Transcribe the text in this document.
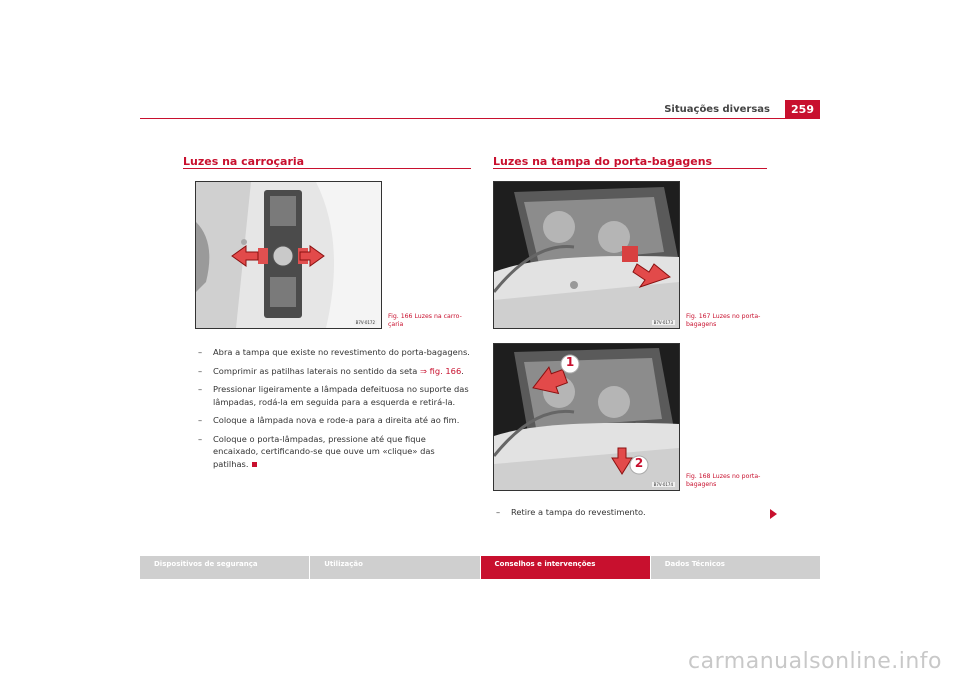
Situações diversas	259
Luzes na carroçaria
B7V-0172
Fig. 166 Luzes na carro-
çaria
– Abra a tampa que existe no revestimento do porta-bagagens.
– Comprimir as patilhas laterais no sentido da seta ⇒ fig. 166.
– Pressionar ligeiramente a lâmpada defeituosa no suporte das lâmpadas, rodá-la em seguida para a esquerda e retirá-la.
– Coloque a lâmpada nova e rode-a para a direita até ao fim.
– Coloque o porta-lâmpadas, pressione até que fique encaixado, certificando-se que ouve um «clique» das patilhas.
Luzes na tampa do porta-bagagens
B7V-0173
Fig. 167 Luzes no porta-
bagagens
1
2
B7V-0174
Fig. 168 Luzes no porta-
bagagens
– Retire a tampa do revestimento.
Dispositivos de segurança	Utilização	Conselhos e intervenções	Dados Técnicos
carmanualsonline.info
